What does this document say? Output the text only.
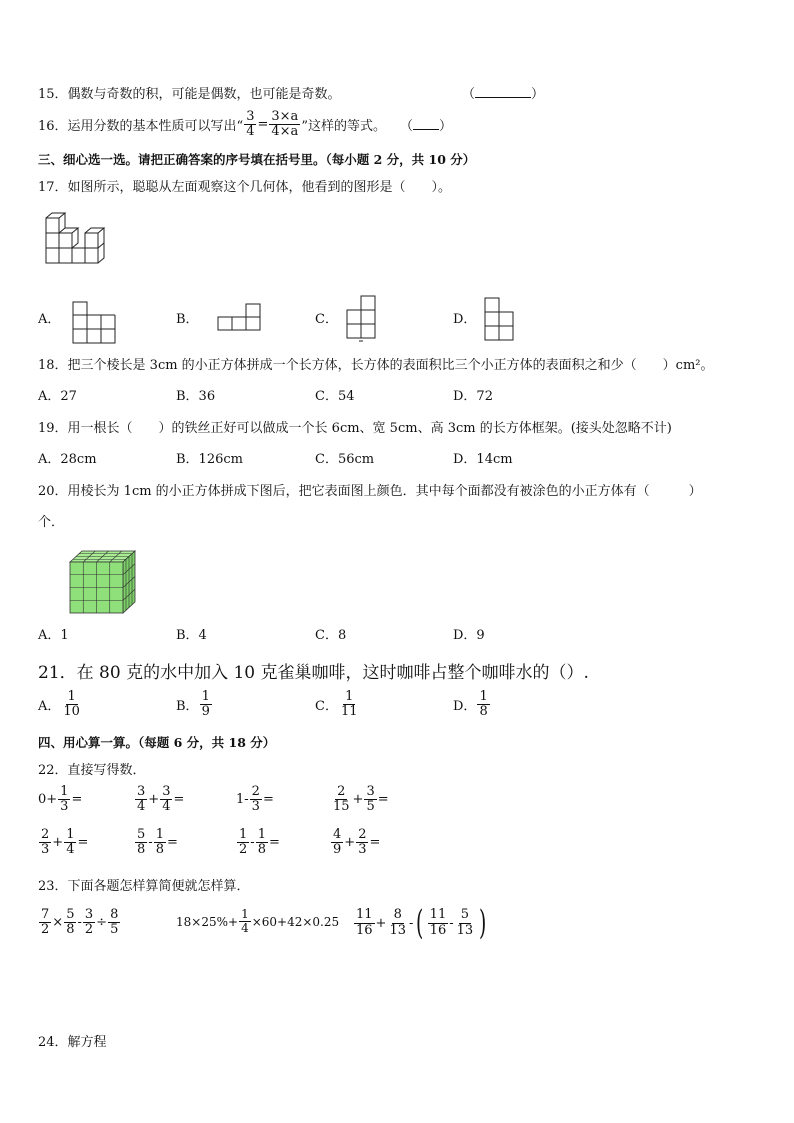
15．偶数与奇数的积，可能是偶数，也可能是奇数。	（	）
16． 运用分数的基本性质可以写出“ $\frac{3}{4} = \frac{3\times a}{4\times a}$ ”这样的等式。 （ ）
三、细心选一选。请把正确答案的序号填在括号里。（每小题 2 分，共 10 分）
17．如图所示，聪聪从左面观察这个几何体，他看到的图形是（　　）。
A．	B．	C．	D．
18．把三个棱长是 3cm 的小正方体拼成一个长方体，长方体的表面积比三个小正方体的表面积之和少（　　）cm²。
A．27	B．36	C．54	D．72
19．用一根长（　　）的铁丝正好可以做成一个长 6cm、宽 5cm、高 3cm 的长方体框架。(接头处忽略不计)
A．28cm	B．126cm	C．56cm	D．14cm
20．用棱长为 1cm 的小正方体拼成下图后，把它表面图上颜色．其中每个面都没有被涂色的小正方体有（　　　）
个．
A．1	B．4	C．8	D．9
21．在 80 克的水中加入 10 克雀巢咖啡，这时咖啡占整个咖啡水的（）.
A． $\frac{1}{10}$	B． $\frac{1}{9}$	C． $\frac{1}{11}$	D． $\frac{1}{8}$
四、用心算一算。（每题 6 分，共 18 分）
22．直接写得数．
$0+ \frac{1}{3}$ =	$\frac{3}{4} + \frac{3}{4}$ =	$1- \frac{2}{3}$ =	$\frac{2}{15} + \frac{3}{5}$ =
$\frac{2}{3} + \frac{1}{4}$ =	$\frac{5}{8} - \frac{1}{8}$ =	$\frac{1}{2} - \frac{1}{8}$ =	$\frac{4}{9} + \frac{2}{3}$ =
23．下面各题怎样算简便就怎样算．
$\frac{7}{2} \times \frac{5}{8} - \frac{3}{2} \div \frac{8}{5}$	$18\times 25\%+ \frac{1}{4} \times 60+42\times 0.25 \frac{11}{16} + \frac{8}{13}$ - ( $\frac{11}{16} - \frac{5}{13}$ )
24．解方程
